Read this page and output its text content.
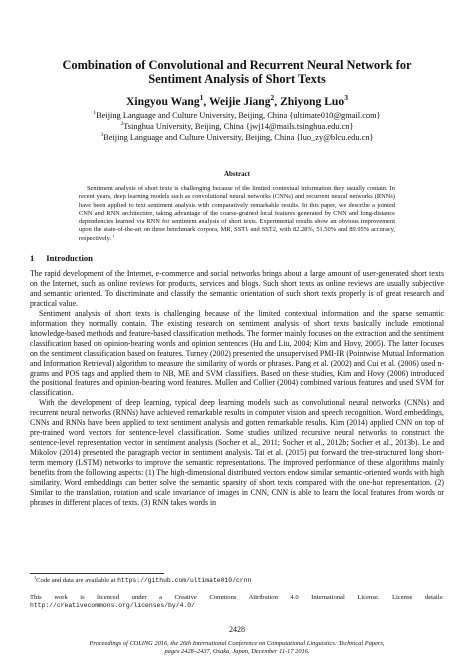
Combination of Convolutional and Recurrent Neural Network for
Sentiment Analysis of Short Texts
Xingyou Wang$^1$, Weijie Jiang$^2$, Zhiyong Luo$^3$
$^1$Beijing Language and Culture University, Beijing, China {ultimate010@gmail.com}
$^2$Tsinghua University, Beijing, China {jwj14@mails.tsinghua.edu.cn}
$^3$Beijing Language and Culture University, Beijing, China {luo_zy@blcu.edu.cn}
Abstract

Sentiment analysis of short texts is challenging because of the limited contextual information they usually contain. In recent years, deep learning models such as convolutional neural networks (CNNs) and recurrent neural networks (RNNs) have been applied to text sentiment analysis with comparatively remarkable results. In this paper, we describe a jointed CNN and RNN architecture, taking advantage of the coarse-grained local features generated by CNN and long-distance dependencies learned via RNN for sentiment analysis of short texts. Experimental results show an obvious improvement upon the state-of-the-art on three benchmark corpora, MR, SST1 and SST2, with 82.28%, 51.50% and 89.95% accuracy, respectively. $^1$

1 Introduction

The rapid development of the Internet, e-commerce and social networks brings about a large amount of user-generated short texts on the Internet, such as online reviews for products, services and blogs. Such short texts as online reviews are usually subjective and semantic oriented. To discriminate and classify the semantic orientation of such short texts properly is of great research and practical value.

Sentiment analysis of short texts is challenging because of the limited contextual information and the sparse semantic information they normally contain. The existing research on sentiment analysis of short texts basically include emotional knowledge-based methods and feature-based classification methods. The former mainly focuses on the extraction and the sentiment classification based on opinion-bearing words and opinion sentences (Hu and Liu, 2004; Kim and Hovy, 2005). The latter focuses on the sentiment classification based on features. Turney (2002) presented the unsupervised PMI-IR (Pointwise Mutual Information and Information Retrieval) algorithm to measure the similarity of words or phrases. Pang et al. (2002) and Cui et al. (2006) used n-grams and POS tags and applied them to NB, ME and SVM classifiers. Based on these studies, Kim and Hovy (2006) introduced the positional features and opinion-bearing word features. Mullen and Collier (2004) combined various features and used SVM for classification.

With the development of deep learning, typical deep learning models such as convolutional neural networks (CNNs) and recurrent neural networks (RNNs) have achieved remarkable results in computer vision and speech recognition. Word embeddings, CNNs and RNNs have been applied to text sentiment analysis and gotten remarkable results. Kim (2014) applied CNN on top of pre-trained word vectors for sentence-level classification. Some studies utilized recursive neural networks to construct the sentence-level representation vector in sentiment analysis (Socher et al., 2011; Socher et al., 2012b; Socher et al., 2013b). Le and Mikolov (2014) presented the paragraph vector in sentiment analysis. Tai et al. (2015) put forward the tree-structured long short-term memory (LSTM) networks to improve the semantic representations. The improved performance of these algorithms mainly benefits from the following aspects: (1) The high-dimensional distributed vectors endow similar semantic-oriented words with high similarity. Word embeddings can better solve the semantic sparsity of short texts compared with the one-hot representation. (2) Similar to the translation, rotation and scale invariance of images in CNN, CNN is able to learn the local features from words or phrases in different places of texts. (3) RNN takes words in

$^1$Code and data are available at https://github.com/ultimate010/crnn
This work is licenced under a Creative Commons Attribution 4.0 International License. License details: http://creativecommons.org/licenses/by/4.0/
2428
Proceedings of COLING 2016, the 26th International Conference on Computational Linguistics: Technical Papers,
pages 2428–2437, Osaka, Japan, December 11-17 2016.
